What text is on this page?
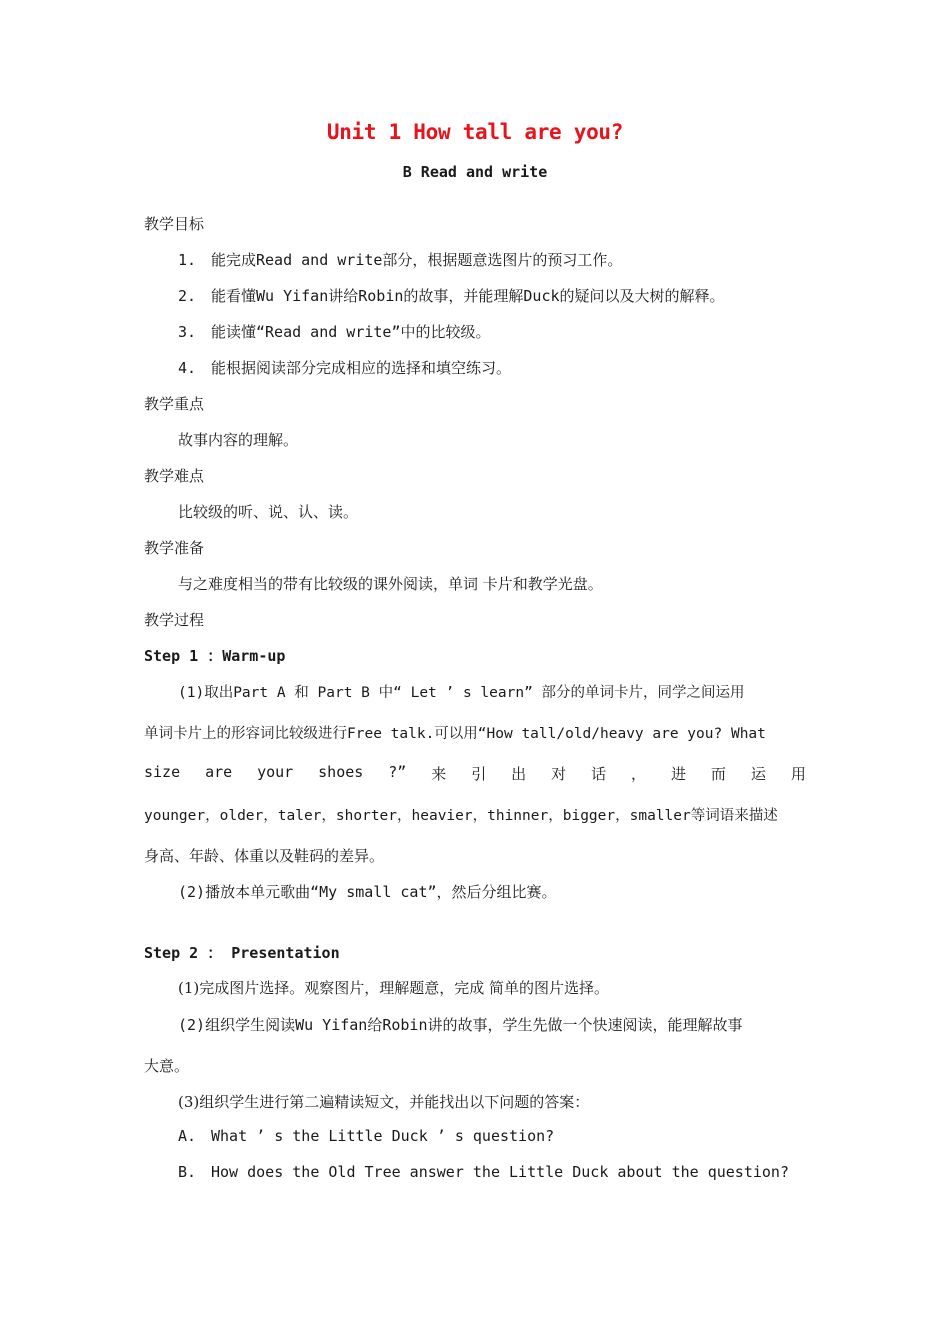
Unit 1 How tall are you?
B Read and write
教学目标
1. 能完成Read and write部分，根据题意选图片的预习工作。
2. 能看懂Wu Yifan讲给Robin的故事，并能理解Duck的疑问以及大树的解释。
3. 能读懂“Read and write”中的比较级。
4. 能根据阅读部分完成相应的选择和填空练习。
教学重点
故事内容的理解。
教学难点
比较级的听、说、认、读。
教学准备
与之难度相当的带有比较级的课外阅读，单词 卡片和教学光盘。
教学过程
Step 1 ：Warm-up
(1)取出Part A 和 Part B 中“ Let ’ s learn” 部分的单词卡片，同学之间运用
单词卡片上的形容词比较级进行Free talk.可以用“How tall/old/heavy are you? What
size are your shoes ?” 来 引 出 对 话 ， 进 而 运 用
younger，older，taler，shorter，heavier，thinner，bigger，smaller等词语来描述
身高、年龄、体重以及鞋码的差异。
(2)播放本单元歌曲“My small cat”，然后分组比赛。
Step 2 ： Presentation
(1)完成图片选择。观察图片，理解题意，完成 简单的图片选择。
(2)组织学生阅读Wu Yifan给Robin讲的故事，学生先做一个快速阅读，能理解故事
大意。
(3)组织学生进行第二遍精读短文，并能找出以下问题的答案：
A. What ’ s the Little Duck ’ s question?
B. How does the Old Tree answer the Little Duck about the question?
